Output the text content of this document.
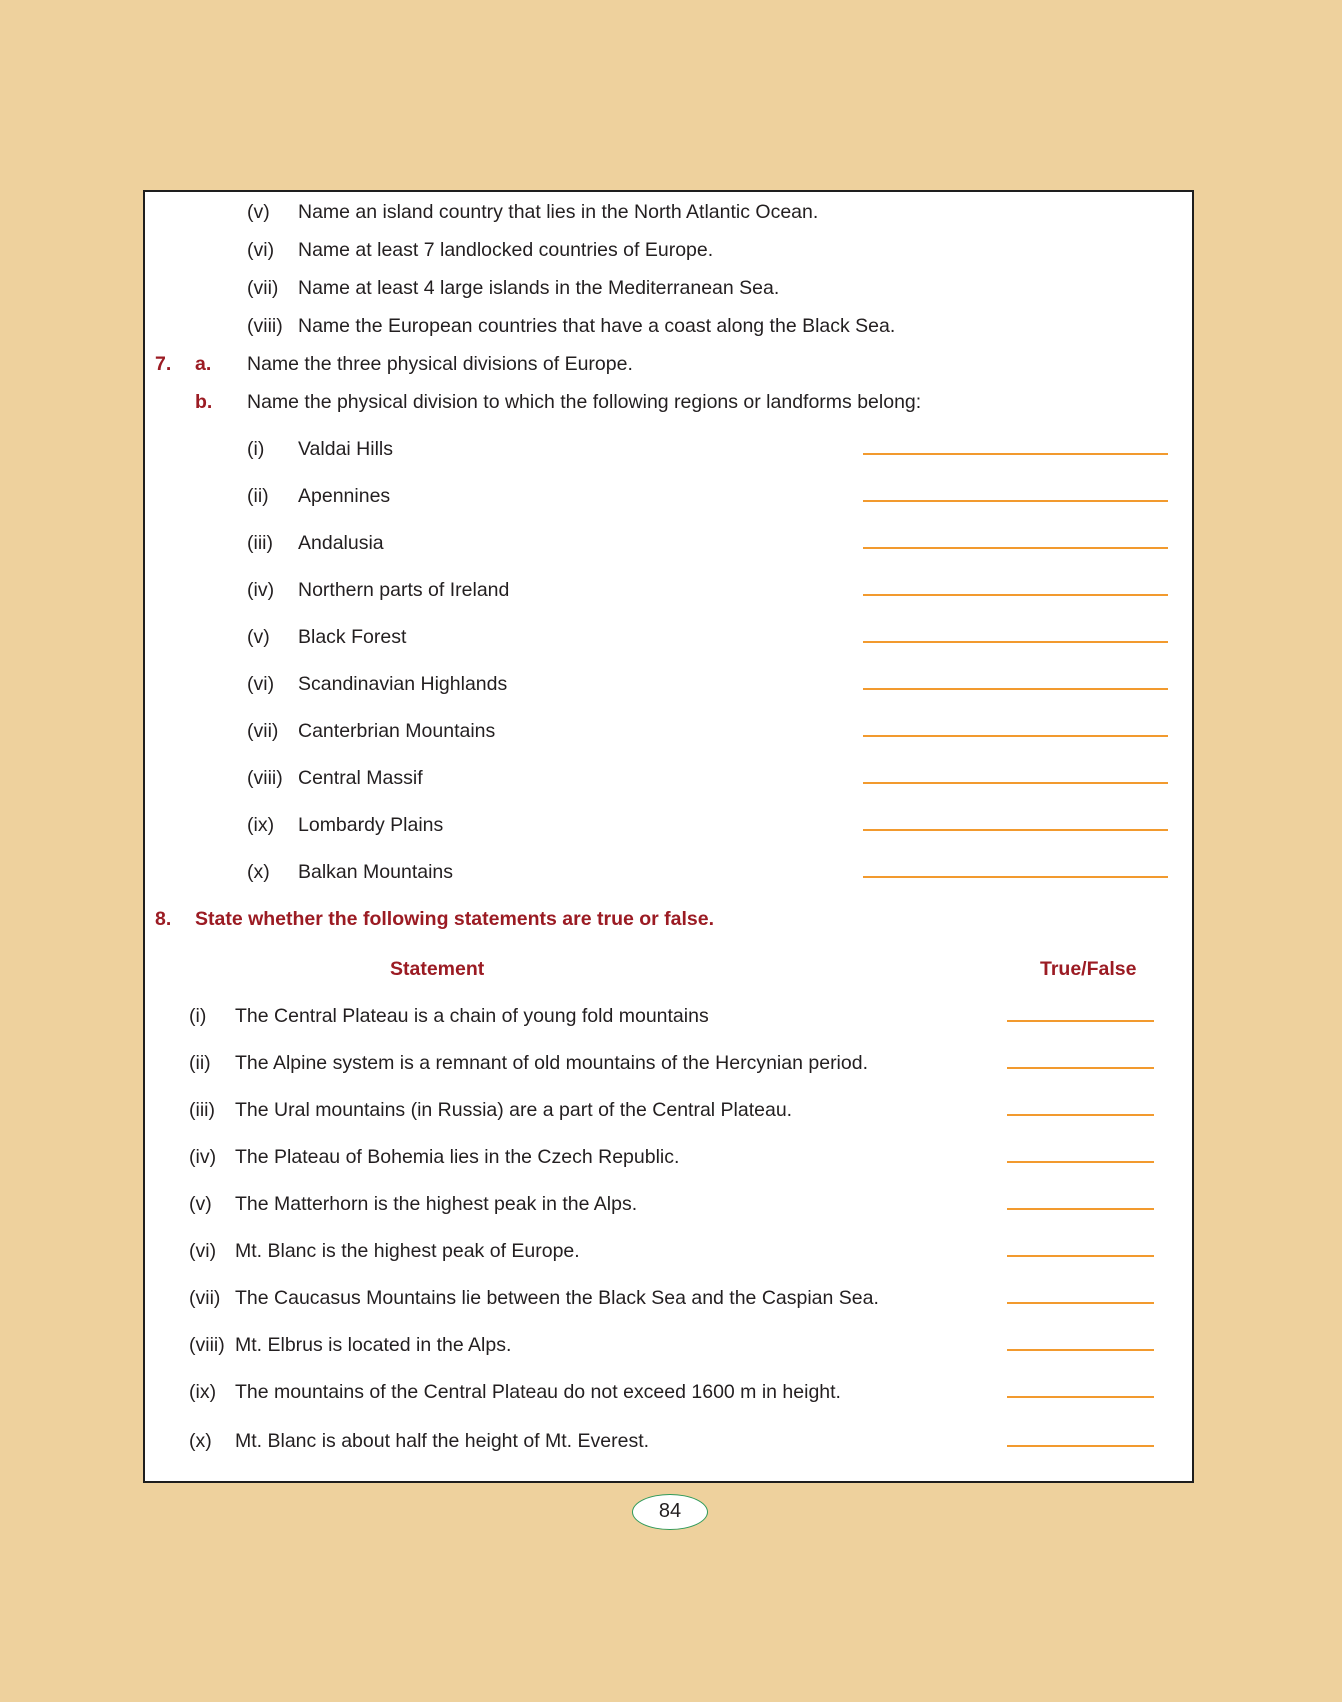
(v) Name an island country that lies in the North Atlantic Ocean.
(vi) Name at least 7 landlocked countries of Europe.
(vii) Name at least 4 large islands in the Mediterranean Sea.
(viii) Name the European countries that have a coast along the Black Sea.
7. a. Name the three physical divisions of Europe.
b. Name the physical division to which the following regions or landforms belong:
(i) Valdai Hills
(ii) Apennines
(iii) Andalusia
(iv) Northern parts of Ireland
(v) Black Forest
(vi) Scandinavian Highlands
(vii) Canterbrian Mountains
(viii) Central Massif
(ix) Lombardy Plains
(x) Balkan Mountains
8. State whether the following statements are true or false.
Statement	True/False
(i) The Central Plateau is a chain of young fold mountains
(ii) The Alpine system is a remnant of old mountains of the Hercynian period.
(iii) The Ural mountains (in Russia) are a part of the Central Plateau.
(iv) The Plateau of Bohemia lies in the Czech Republic.
(v) The Matterhorn is the highest peak in the Alps.
(vi) Mt. Blanc is the highest peak of Europe.
(vii) The Caucasus Mountains lie between the Black Sea and the Caspian Sea.
(viii) Mt. Elbrus is located in the Alps.
(ix) The mountains of the Central Plateau do not exceed 1600 m in height.
(x) Mt. Blanc is about half the height of Mt. Everest.
84
